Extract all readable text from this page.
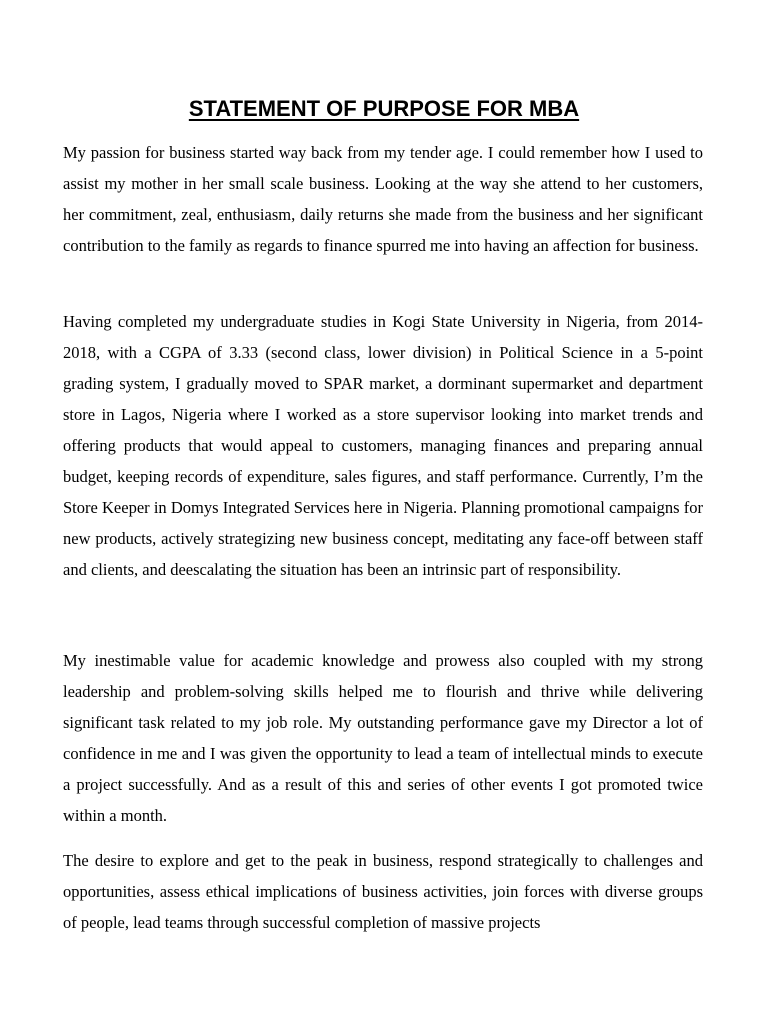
STATEMENT OF PURPOSE FOR MBA

My passion for business started way back from my tender age. I could remember how I used to assist my mother in her small scale business. Looking at the way she attend to her customers, her commitment, zeal, enthusiasm, daily returns she made from the business and her significant contribution to the family as regards to finance spurred me into having an affection for business.

Having completed my undergraduate studies in Kogi State University in Nigeria, from 2014-2018, with a CGPA of 3.33 (second class, lower division) in Political Science in a 5-point grading system, I gradually moved to SPAR market, a dorminant supermarket and department store in Lagos, Nigeria where I worked as a store supervisor looking into market trends and offering products that would appeal to customers, managing finances and preparing annual budget, keeping records of expenditure, sales figures, and staff performance. Currently, I’m the Store Keeper in Domys Integrated Services here in Nigeria. Planning promotional campaigns for new products, actively strategizing new business concept, meditating any face-off between staff and clients, and deescalating the situation has been an intrinsic part of responsibility.

My inestimable value for academic knowledge and prowess also coupled with my strong leadership and problem-solving skills helped me to flourish and thrive while delivering significant task related to my job role. My outstanding performance gave my Director a lot of confidence in me and I was given the opportunity to lead a team of intellectual minds to execute a project successfully. And as a result of this and series of other events I got promoted twice within a month.

The desire to explore and get to the peak in business, respond strategically to challenges and opportunities, assess ethical implications of business activities, join forces with diverse groups of people, lead teams through successful completion of massive projects
